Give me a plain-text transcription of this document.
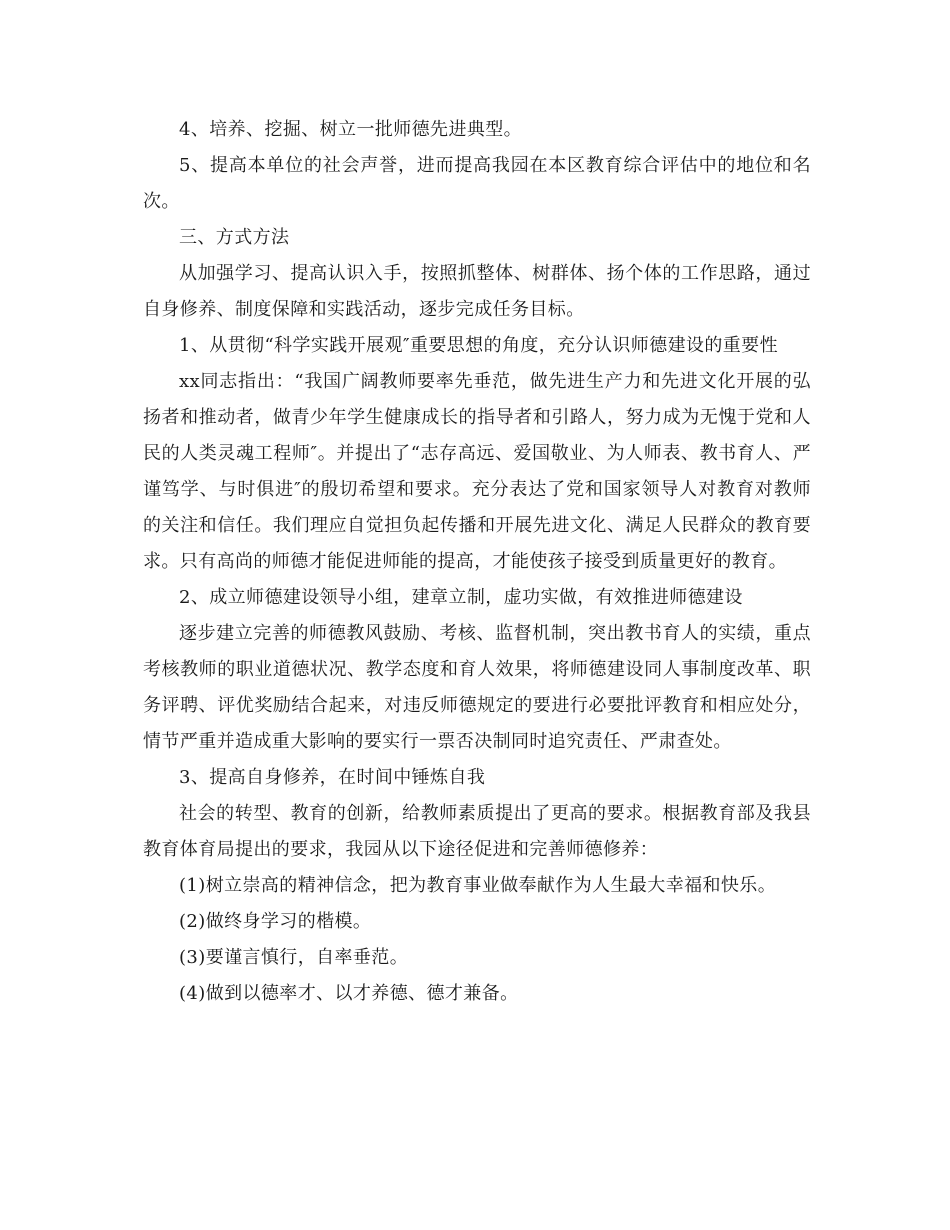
4、培养、挖掘、树立一批师德先进典型。

5、提高本单位的社会声誉，进而提高我园在本区教育综合评估中的地位和名次。

三、方式方法

从加强学习、提高认识入手，按照抓整体、树群体、扬个体的工作思路，通过自身修养、制度保障和实践活动，逐步完成任务目标。

1、从贯彻“科学实践开展观″重要思想的角度，充分认识师德建设的重要性

xx同志指出：“我国广阔教师要率先垂范，做先进生产力和先进文化开展的弘扬者和推动者，做青少年学生健康成长的指导者和引路人，努力成为无愧于党和人民的人类灵魂工程师″。并提出了“志存高远、爱国敬业、为人师表、教书育人、严谨笃学、与时俱进″的殷切希望和要求。充分表达了党和国家领导人对教育对教师的关注和信任。我们理应自觉担负起传播和开展先进文化、满足人民群众的教育要求。只有高尚的师德才能促进师能的提高，才能使孩子接受到质量更好的教育。

2、成立师德建设领导小组，建章立制，虚功实做，有效推进师德建设

逐步建立完善的师德教风鼓励、考核、监督机制，突出教书育人的实绩，重点考核教师的职业道德状况、教学态度和育人效果，将师德建设同人事制度改革、职务评聘、评优奖励结合起来，对违反师德规定的要进行必要批评教育和相应处分，情节严重并造成重大影响的要实行一票否决制同时追究责任、严肃查处。

3、提高自身修养，在时间中锤炼自我

社会的转型、教育的创新，给教师素质提出了更高的要求。根据教育部及我县教育体育局提出的要求，我园从以下途径促进和完善师德修养：

(1)树立崇高的精神信念，把为教育事业做奉献作为人生最大幸福和快乐。

(2)做终身学习的楷模。

(3)要谨言慎行，自率垂范。

(4)做到以德率才、以才养德、德才兼备。
